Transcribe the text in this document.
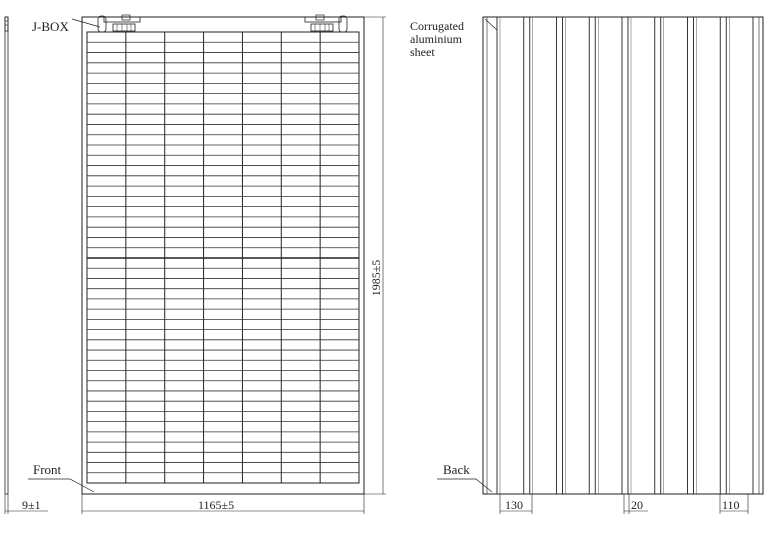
9±1
J-BOX
Front
1165±5
1985±5
Corrugated aluminium sheet
Back
130	20	110
